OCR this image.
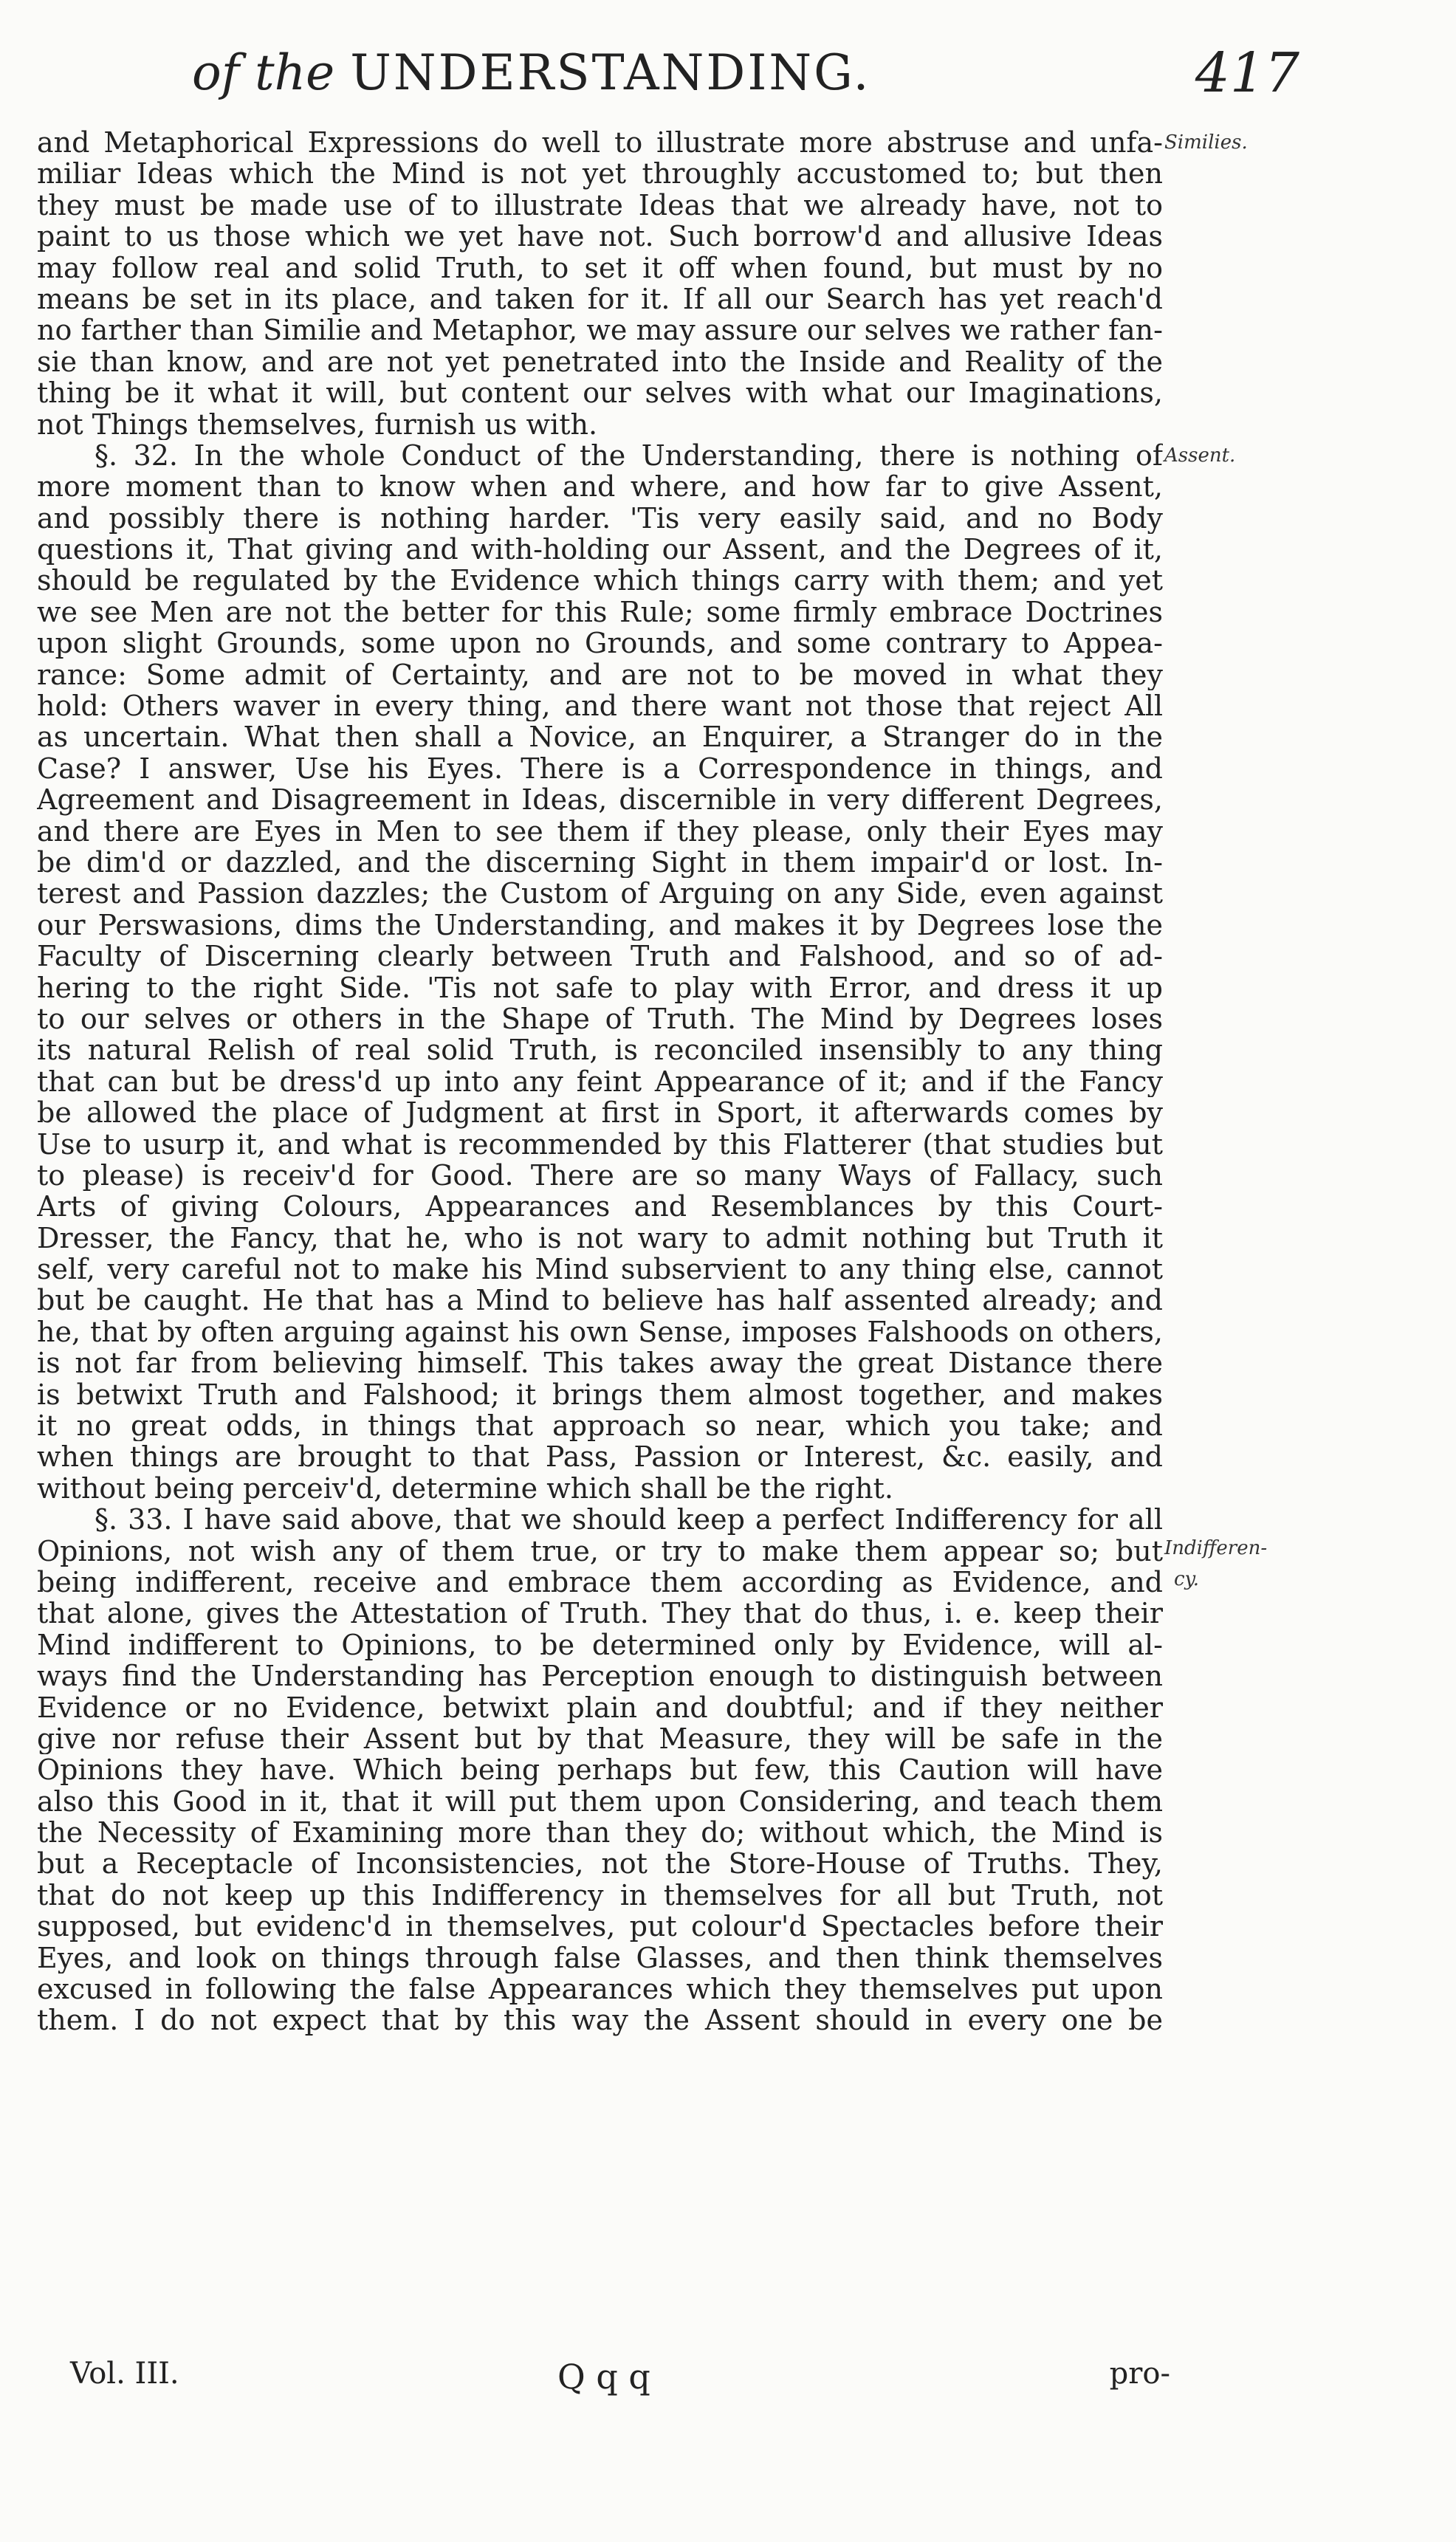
of the UNDERSTANDING.	417
Similies.
Assent.
Indifferen-
cy.
and Metaphorical Expressions do well to illustrate more abstruse and unfa-
miliar Ideas which the Mind is not yet throughly accustomed to; but then
they must be made use of to illustrate Ideas that we already have, not to
paint to us those which we yet have not. Such borrow'd and allusive Ideas
may follow real and solid Truth, to set it off when found, but must by no
means be set in its place, and taken for it. If all our Search has yet reach'd
no farther than Similie and Metaphor, we may assure our selves we rather fan-
sie than know, and are not yet penetrated into the Inside and Reality of the
thing be it what it will, but content our selves with what our Imaginations,
not Things themselves, furnish us with.
§. 32. In the whole Conduct of the Understanding, there is nothing of
more moment than to know when and where, and how far to give Assent,
and possibly there is nothing harder. 'Tis very easily said, and no Body
questions it, That giving and with-holding our Assent, and the Degrees of it,
should be regulated by the Evidence which things carry with them; and yet
we see Men are not the better for this Rule; some firmly embrace Doctrines
upon slight Grounds, some upon no Grounds, and some contrary to Appea-
rance: Some admit of Certainty, and are not to be moved in what they
hold: Others waver in every thing, and there want not those that reject All
as uncertain. What then shall a Novice, an Enquirer, a Stranger do in the
Case? I answer, Use his Eyes. There is a Correspondence in things, and
Agreement and Disagreement in Ideas, discernible in very different Degrees,
and there are Eyes in Men to see them if they please, only their Eyes may
be dim'd or dazzled, and the discerning Sight in them impair'd or lost. In-
terest and Passion dazzles; the Custom of Arguing on any Side, even against
our Perswasions, dims the Understanding, and makes it by Degrees lose the
Faculty of Discerning clearly between Truth and Falshood, and so of ad-
hering to the right Side. 'Tis not safe to play with Error, and dress it up
to our selves or others in the Shape of Truth. The Mind by Degrees loses
its natural Relish of real solid Truth, is reconciled insensibly to any thing
that can but be dress'd up into any feint Appearance of it; and if the Fancy
be allowed the place of Judgment at first in Sport, it afterwards comes by
Use to usurp it, and what is recommended by this Flatterer (that studies but
to please) is receiv'd for Good. There are so many Ways of Fallacy, such
Arts of giving Colours, Appearances and Resemblances by this Court-
Dresser, the Fancy, that he, who is not wary to admit nothing but Truth it
self, very careful not to make his Mind subservient to any thing else, cannot
but be caught. He that has a Mind to believe has half assented already; and
he, that by often arguing against his own Sense, imposes Falshoods on others,
is not far from believing himself. This takes away the great Distance there
is betwixt Truth and Falshood; it brings them almost together, and makes
it no great odds, in things that approach so near, which you take; and
when things are brought to that Pass, Passion or Interest, &c. easily, and
without being perceiv'd, determine which shall be the right.
§. 33. I have said above, that we should keep a perfect Indifferency for all
Opinions, not wish any of them true, or try to make them appear so; but
being indifferent, receive and embrace them according as Evidence, and
that alone, gives the Attestation of Truth. They that do thus, i. e. keep their
Mind indifferent to Opinions, to be determined only by Evidence, will al-
ways find the Understanding has Perception enough to distinguish between
Evidence or no Evidence, betwixt plain and doubtful; and if they neither
give nor refuse their Assent but by that Measure, they will be safe in the
Opinions they have. Which being perhaps but few, this Caution will have
also this Good in it, that it will put them upon Considering, and teach them
the Necessity of Examining more than they do; without which, the Mind is
but a Receptacle of Inconsistencies, not the Store-House of Truths. They,
that do not keep up this Indifferency in themselves for all but Truth, not
supposed, but evidenc'd in themselves, put colour'd Spectacles before their
Eyes, and look on things through false Glasses, and then think themselves
excused in following the false Appearances which they themselves put upon
them. I do not expect that by this way the Assent should in every one be
Vol. III.	Q q q	pro-
